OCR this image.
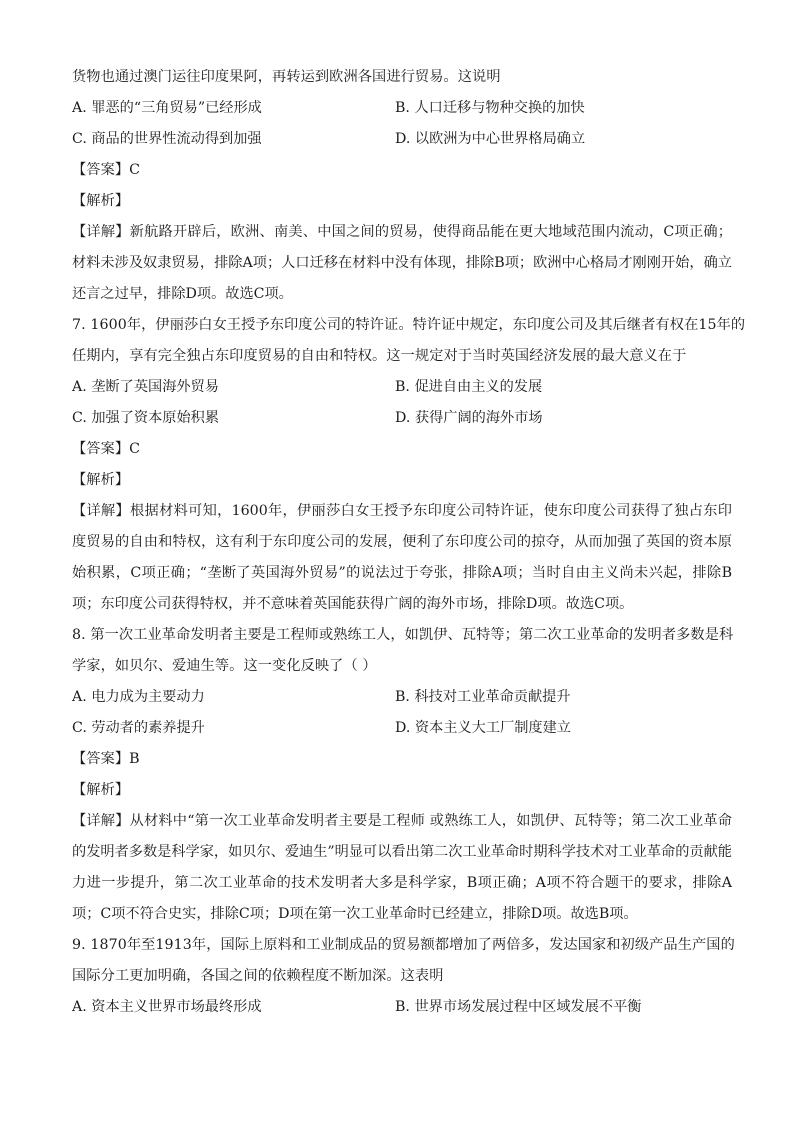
货物也通过澳门运往印度果阿，再转运到欧洲各国进行贸易。这说明
A. 罪恶的“三角贸易”已经形成	B. 人口迁移与物种交换的加快
C. 商品的世界性流动得到加强	D. 以欧洲为中心世界格局确立
【答案】C
【解析】
【详解】新航路开辟后，欧洲、南美、中国之间的贸易，使得商品能在更大地域范围内流动，C项正确；材料未涉及奴隶贸易，排除A项；人口迁移在材料中没有体现，排除B项；欧洲中心格局才刚刚开始，确立还言之过早，排除D项。故选C项。
7. 1600年，伊丽莎白女王授予东印度公司的特许证。特许证中规定，东印度公司及其后继者有权在15年的
任期内，享有完全独占东印度贸易的自由和特权。这一规定对于当时英国经济发展的最大意义在于
A. 垄断了英国海外贸易	B. 促进自由主义的发展
C. 加强了资本原始积累	D. 获得广阔的海外市场
【答案】C
【解析】
【详解】根据材料可知，1600年，伊丽莎白女王授予东印度公司特许证，使东印度公司获得了独占东印度贸易的自由和特权，这有利于东印度公司的发展，便利了东印度公司的掠夺，从而加强了英国的资本原始积累，C项正确；“垄断了英国海外贸易”的说法过于夸张，排除A项；当时自由主义尚未兴起，排除B项；东印度公司获得特权，并不意味着英国能获得广阔的海外市场，排除D项。故选C项。
8. 第一次工业革命发明者主要是工程师或熟练工人，如凯伊、瓦特等；第二次工业革命的发明者多数是科
学家，如贝尔、爱迪生等。这一变化反映了（ ）
A. 电力成为主要动力	B. 科技对工业革命贡献提升
C. 劳动者的素养提升	D. 资本主义大工厂制度建立
【答案】B
【解析】
【详解】从材料中“第一次工业革命发明者主要是工程师 或熟练工人，如凯伊、瓦特等；第二次工业革命的发明者多数是科学家，如贝尔、爱迪生”明显可以看出第二次工业革命时期科学技术对工业革命的贡献能力进一步提升，第二次工业革命的技术发明者大多是科学家，B项正确；A项不符合题干的要求，排除A项；C项不符合史实，排除C项；D项在第一次工业革命时已经建立，排除D项。故选B项。
9. 1870年至1913年，国际上原料和工业制成品的贸易额都增加了两倍多，发达国家和初级产品生产国的
国际分工更加明确，各国之间的依赖程度不断加深。这表明
A. 资本主义世界市场最终形成	B. 世界市场发展过程中区域发展不平衡
